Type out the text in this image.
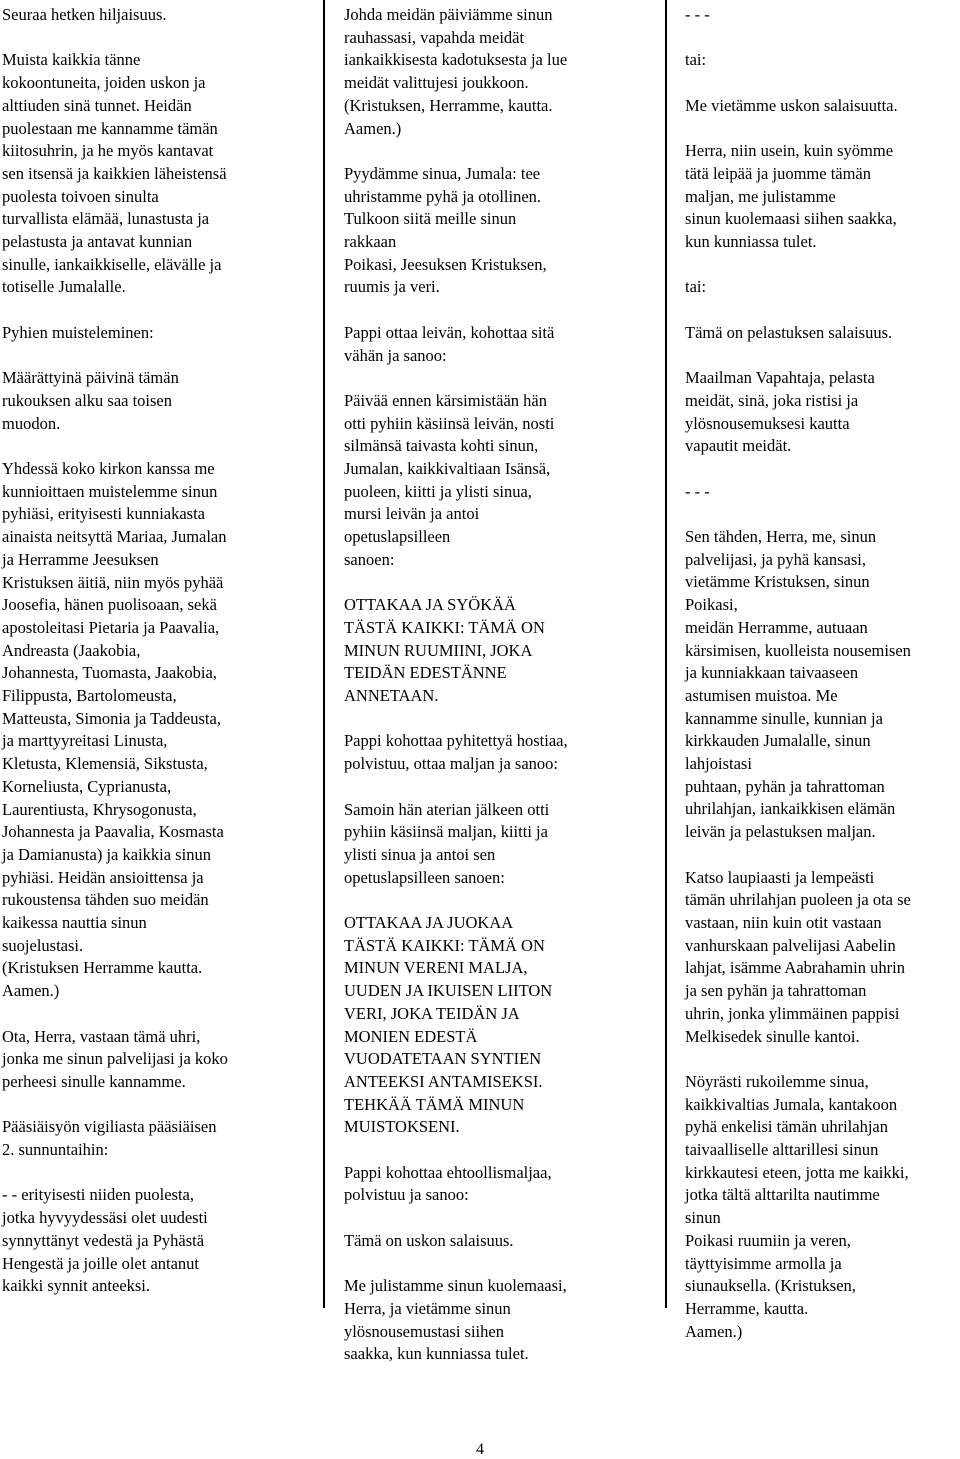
Seuraa hetken hiljaisuus.

Muista kaikkia tänne
kokoontuneita, joiden uskon ja
alttiuden sinä tunnet. Heidän
puolestaan me kannamme tämän
kiitosuhrin, ja he myös kantavat
sen itsensä ja kaikkien läheistensä
puolesta toivoen sinulta
turvallista elämää, lunastusta ja
pelastusta ja antavat kunnian
sinulle, iankaikkiselle, elävälle ja
totiselle Jumalalle.

Pyhien muisteleminen:

Määrättyinä päivinä tämän
rukouksen alku saa toisen
muodon.

Yhdessä koko kirkon kanssa me
kunnioittaen muistelemme sinun
pyhiäsi, erityisesti kunniakasta
ainaista neitsyttä Mariaa, Jumalan
ja Herramme Jeesuksen
Kristuksen äitiä, niin myös pyhää
Joosefia, hänen puolisoaan, sekä
apostoleitasi Pietaria ja Paavalia,
Andreasta (Jaakobia,
Johannesta, Tuomasta, Jaakobia,
Filippusta, Bartolomeusta,
Matteusta, Simonia ja Taddeusta,
ja marttyyreitasi Linusta,
Kletusta, Klemensiä, Sikstusta,
Korneliusta, Cyprianusta,
Laurentiusta, Khrysogonusta,
Johannesta ja Paavalia, Kosmasta
ja Damianusta) ja kaikkia sinun
pyhiäsi. Heidän ansioittensa ja
rukoustensa tähden suo meidän
kaikessa nauttia sinun
suojelustasi.
(Kristuksen Herramme kautta.
Aamen.)

Ota, Herra, vastaan tämä uhri,
jonka me sinun palvelijasi ja koko
perheesi sinulle kannamme.

Pääsiäisyön vigiliasta pääsiäisen
2. sunnuntaihin:

- - erityisesti niiden puolesta,
jotka hyvyydessäsi olet uudesti
synnyttänyt vedestä ja Pyhästä
Hengestä ja joille olet antanut
kaikki synnit anteeksi.

Johda meidän päiviämme sinun
rauhassasi, vapahda meidät
iankaikkisesta kadotuksesta ja lue
meidät valittujesi joukkoon.
(Kristuksen, Herramme, kautta.
Aamen.)

Pyydämme sinua, Jumala: tee
uhristamme pyhä ja otollinen.
Tulkoon siitä meille sinun
rakkaan
Poikasi, Jeesuksen Kristuksen,
ruumis ja veri.

Pappi ottaa leivän, kohottaa sitä
vähän ja sanoo:

Päivää ennen kärsimistään hän
otti pyhiin käsiinsä leivän, nosti
silmänsä taivasta kohti sinun,
Jumalan, kaikkivaltiaan Isänsä,
puoleen, kiitti ja ylisti sinua,
mursi leivän ja antoi
opetuslapsilleen
sanoen:

OTTAKAA JA SYÖKÄÄ
TÄSTÄ KAIKKI: TÄMÄ ON
MINUN RUUMIINI, JOKA
TEIDÄN EDESTÄNNE
ANNETAAN.

Pappi kohottaa pyhitettyä hostiaa,
polvistuu, ottaa maljan ja sanoo:

Samoin hän aterian jälkeen otti
pyhiin käsiinsä maljan, kiitti ja
ylisti sinua ja antoi sen
opetuslapsilleen sanoen:

OTTAKAA JA JUOKAA
TÄSTÄ KAIKKI: TÄMÄ ON
MINUN VERENI MALJA,
UUDEN JA IKUISEN LIITON
VERI, JOKA TEIDÄN JA
MONIEN EDESTÄ
VUODATETAAN SYNTIEN
ANTEEKSI ANTAMISEKSI.
TEHKÄÄ TÄMÄ MINUN
MUISTOKSENI.

Pappi kohottaa ehtoollismaljaa,
polvistuu ja sanoo:

Tämä on uskon salaisuus.

Me julistamme sinun kuolemaasi,
Herra, ja vietämme sinun
ylösnousemustasi siihen
saakka, kun kunniassa tulet.

- - -

tai:

Me vietämme uskon salaisuutta.

Herra, niin usein, kuin syömme
tätä leipää ja juomme tämän
maljan, me julistamme
sinun kuolemaasi siihen saakka,
kun kunniassa tulet.

tai:

Tämä on pelastuksen salaisuus.

Maailman Vapahtaja, pelasta
meidät, sinä, joka ristisi ja
ylösnousemuksesi kautta
vapautit meidät.

- - -

Sen tähden, Herra, me, sinun
palvelijasi, ja pyhä kansasi,
vietämme Kristuksen, sinun
Poikasi,
meidän Herramme, autuaan
kärsimisen, kuolleista nousemisen
ja kunniakkaan taivaaseen
astumisen muistoa. Me
kannamme sinulle, kunnian ja
kirkkauden Jumalalle, sinun
lahjoistasi
puhtaan, pyhän ja tahrattoman
uhrilahjan, iankaikkisen elämän
leivän ja pelastuksen maljan.

Katso laupiaasti ja lempeästi
tämän uhrilahjan puoleen ja ota se
vastaan, niin kuin otit vastaan
vanhurskaan palvelijasi Aabelin
lahjat, isämme Aabrahamin uhrin
ja sen pyhän ja tahrattoman
uhrin, jonka ylimmäinen pappisi
Melkisedek sinulle kantoi.

Nöyrästi rukoilemme sinua,
kaikkivaltias Jumala, kantakoon
pyhä enkelisi tämän uhrilahjan
taivaalliselle alttarillesi sinun
kirkkautesi eteen, jotta me kaikki,
jotka tältä alttarilta nautimme
sinun
Poikasi ruumiin ja veren,
täyttyisimme armolla ja
siunauksella. (Kristuksen,
Herramme, kautta.
Aamen.)

4
